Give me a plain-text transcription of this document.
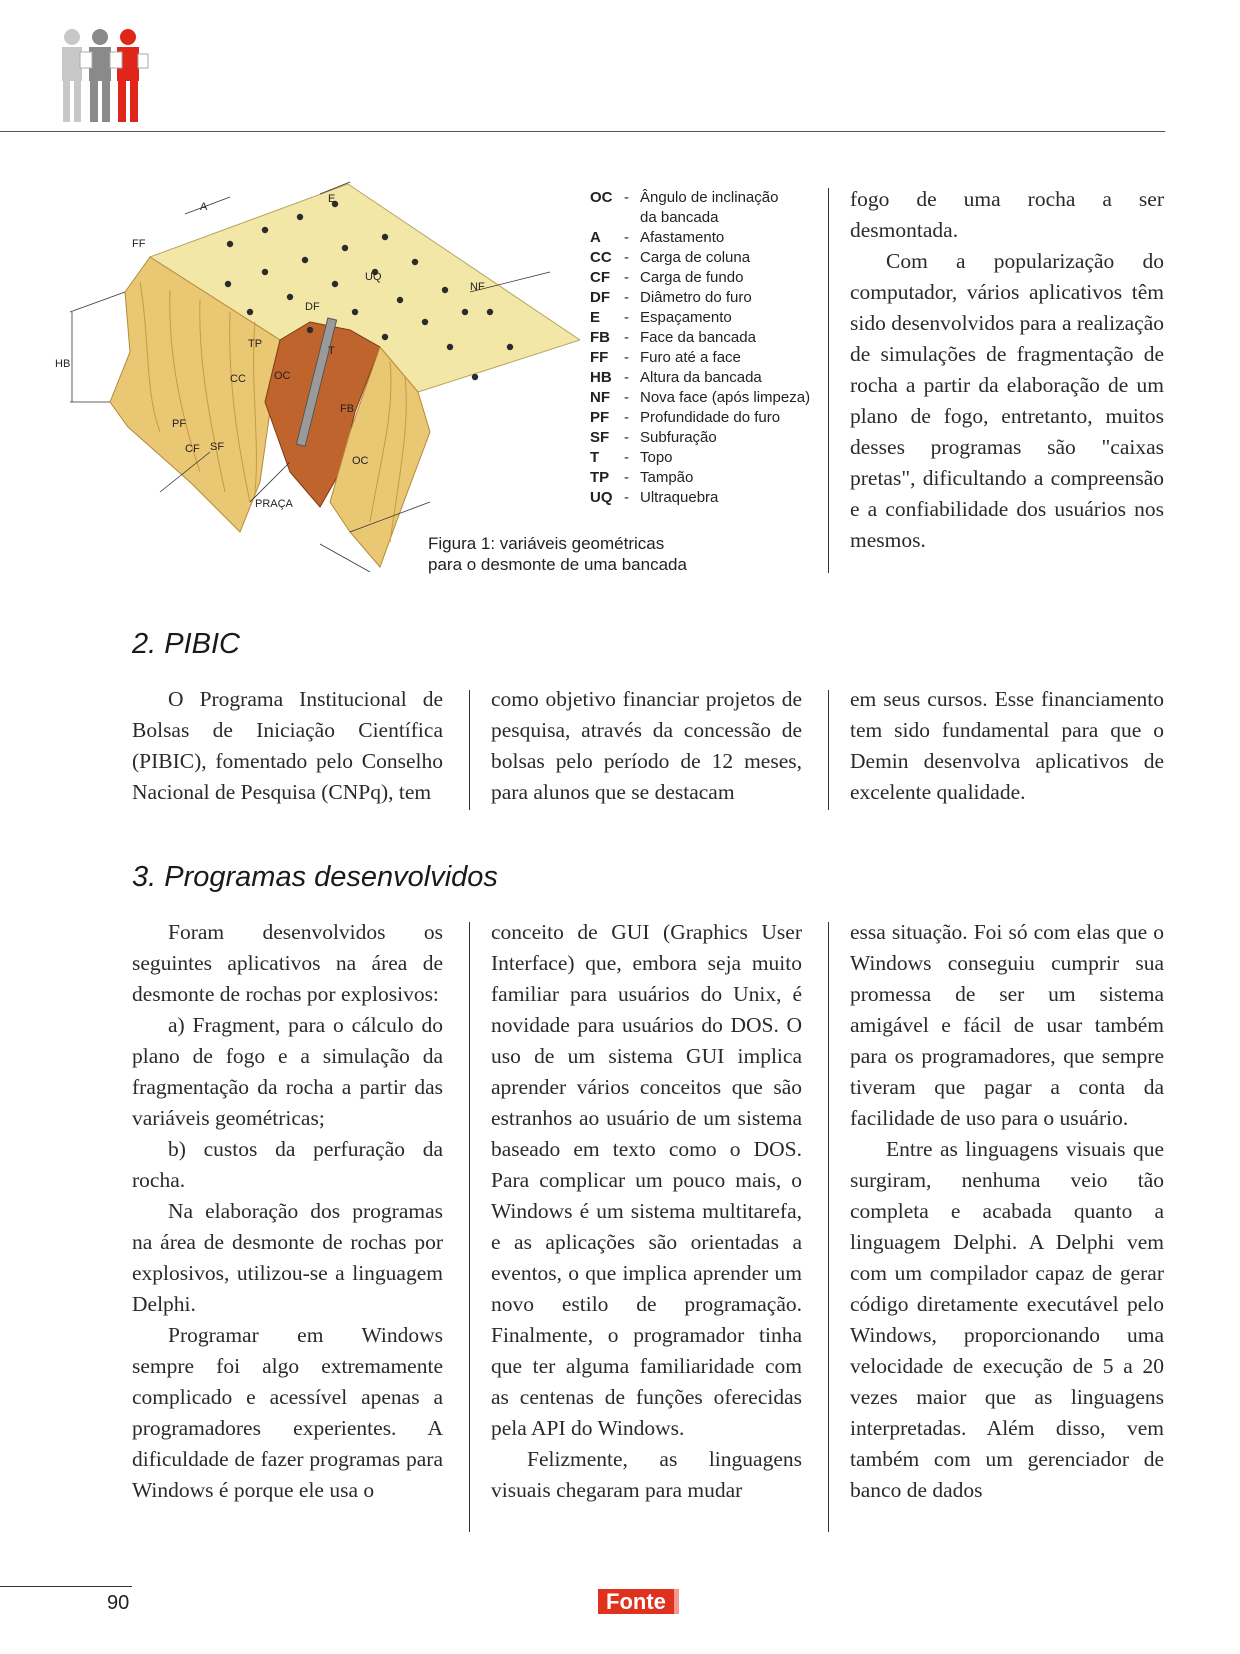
A
E
FF
UQ
NF
DF
HB
TP
T
CC	OC
FB
PF
CF SF
PRAÇA
OC
OC - Ângulo de inclinação
da bancada
A	- Afastamento
CC - Carga de coluna
CF - Carga de fundo
DF - Diâmetro do furo
E	- Espaçamento
FB - Face da bancada
FF	- Furo até a face
HB - Altura da bancada
NF - Nova face (após limpeza)
PF - Profundidade do furo
SF - Subfuração
T	- Topo
TP - Tampão
UQ - Ultraquebra
Figura 1: variáveis geométricas
para o desmonte de uma bancada

fogo de uma rocha a ser desmontada.

Com a popularização do computador, vários aplicativos têm sido desenvolvidos para a realização de simulações de fragmentação de rocha a partir da elaboração de um plano de fogo, entretanto, muitos desses programas são "caixas pretas", dificultando a compreensão e a confiabilidade dos usuários nos mesmos.

2. PIBIC

O Programa Institucional de Bolsas de Iniciação Científica (PIBIC), fomentado pelo Conselho Nacional de Pesquisa (CNPq), tem

como objetivo financiar projetos de pesquisa, através da concessão de bolsas pelo período de 12 meses, para alunos que se destacam

em seus cursos. Esse financiamento tem sido fundamental para que o Demin desenvolva aplicativos de excelente qualidade.

3. Programas desenvolvidos

Foram desenvolvidos os seguintes aplicativos na área de desmonte de rochas por explosivos:

a) Fragment, para o cálculo do plano de fogo e a simulação da fragmentação da rocha a partir das variáveis geométricas;

b) custos da perfuração da rocha.

Na elaboração dos programas na área de desmonte de rochas por explosivos, utilizou-se a linguagem Delphi.

Programar em Windows sempre foi algo extremamente complicado e acessível apenas a programadores experientes. A dificuldade de fazer programas para Windows é porque ele usa o

conceito de GUI (Graphics User Interface) que, embora seja muito familiar para usuários do Unix, é novidade para usuários do DOS. O uso de um sistema GUI implica aprender vários conceitos que são estranhos ao usuário de um sistema baseado em texto como o DOS. Para complicar um pouco mais, o Windows é um sistema multitarefa, e as aplicações são orientadas a eventos, o que implica aprender um novo estilo de programação. Finalmente, o programador tinha que ter alguma familiaridade com as centenas de funções oferecidas pela API do Windows.

Felizmente, as linguagens visuais chegaram para mudar

essa situação. Foi só com elas que o Windows conseguiu cumprir sua promessa de ser um sistema amigável e fácil de usar também para os programadores, que sempre tiveram que pagar a conta da facilidade de uso para o usuário.

Entre as linguagens visuais que surgiram, nenhuma veio tão completa e acabada quanto a linguagem Delphi. A Delphi vem com um compilador capaz de gerar código diretamente executável pelo Windows, proporcionando uma velocidade de execução de 5 a 20 vezes maior que as linguagens interpretadas. Além disso, vem também com um gerenciador de banco de dados

90	Fonte
